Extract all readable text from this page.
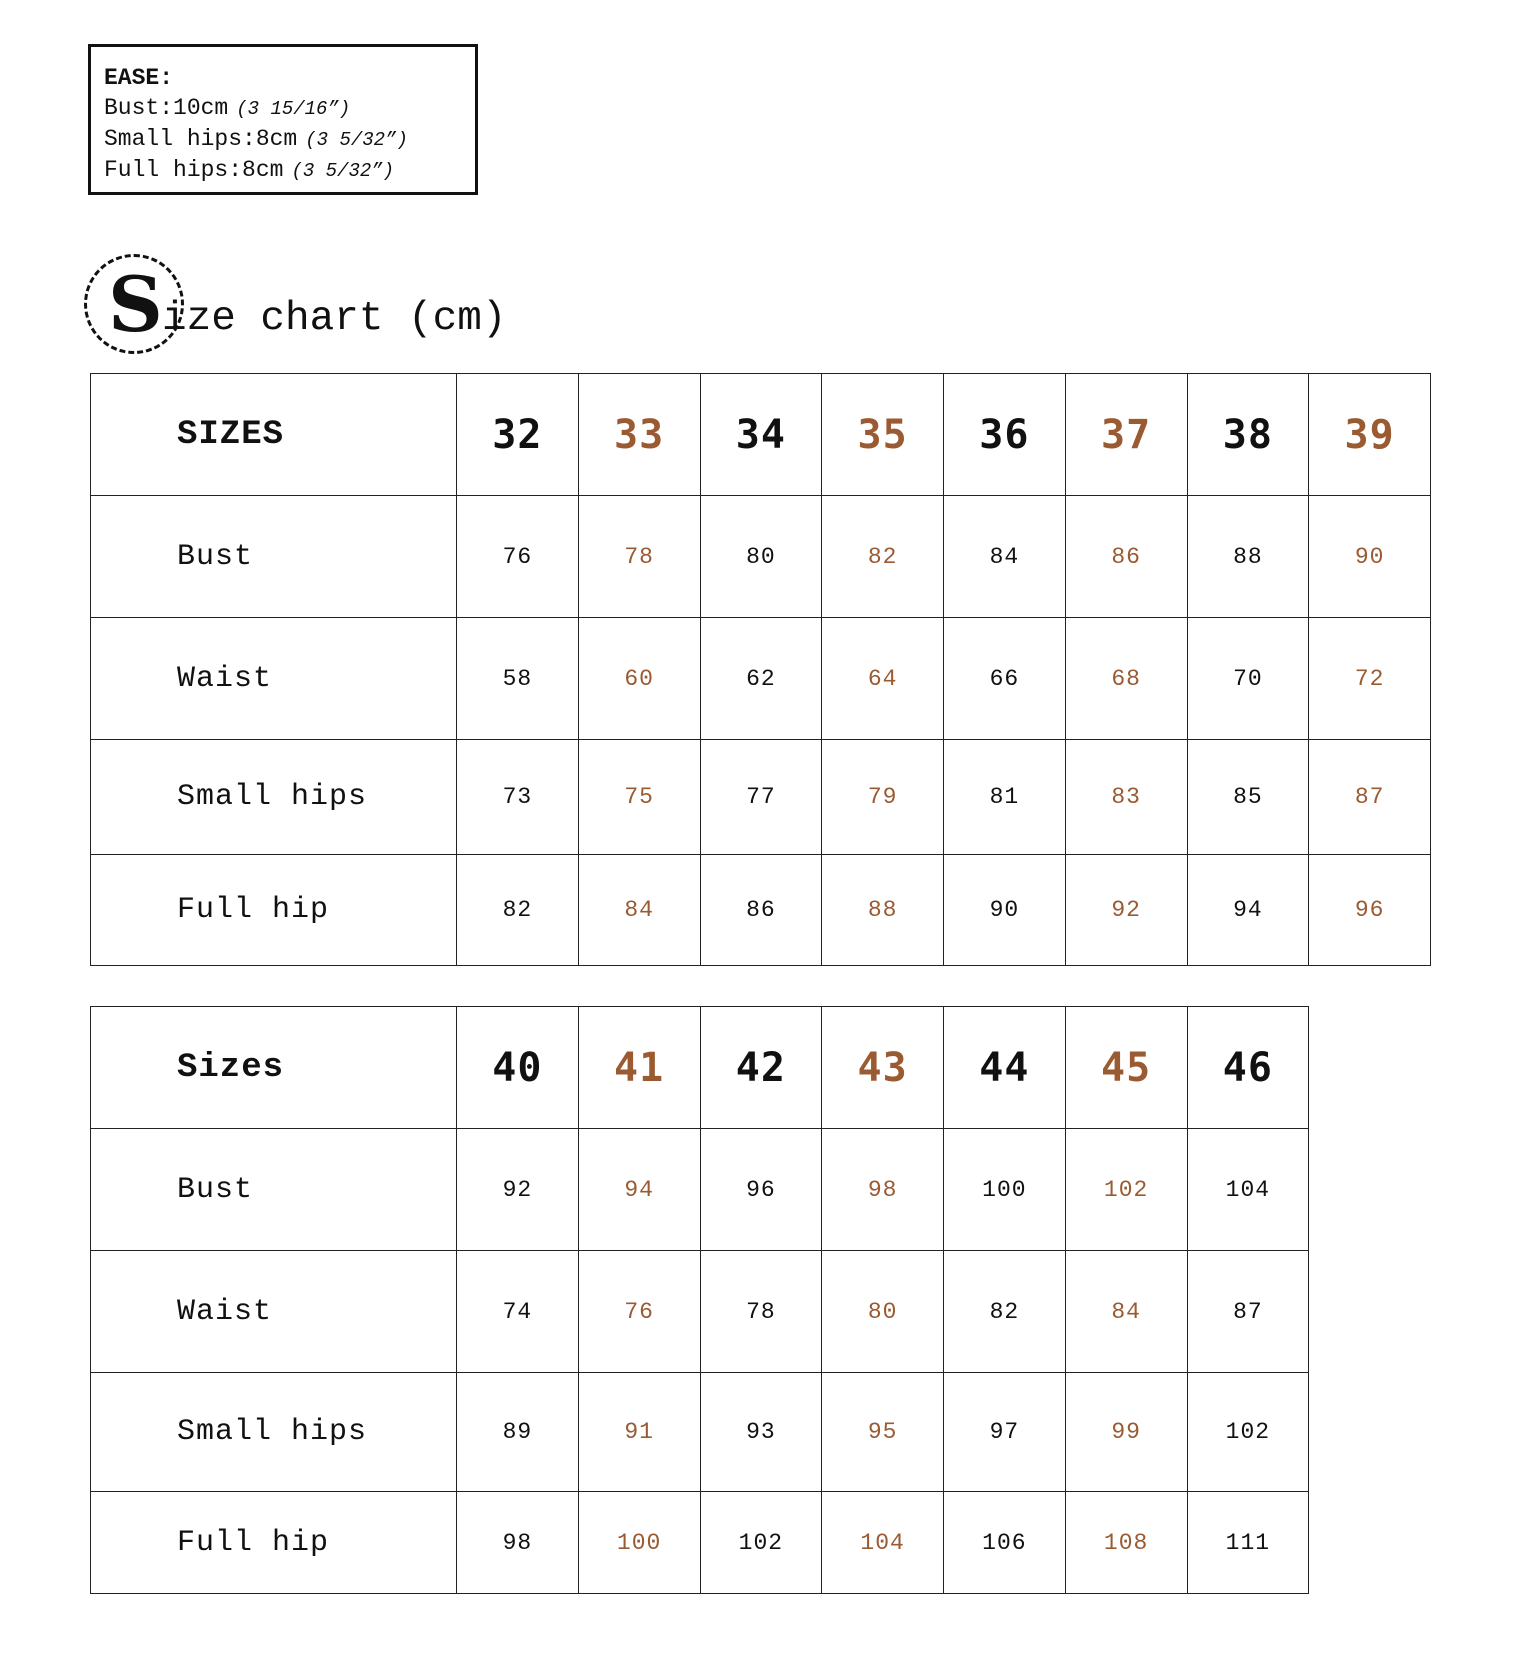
EASE:
Bust:10cm (3 15/16”)
Small hips:8cm (3 5/32”)
Full hips:8cm (3 5/32”)
S ize chart (cm)
SIZES	32	33	34	35	36	37	38	39
Bust	76	78	80	82	84	86	88	90
Waist	58	60	62	64	66	68	70	72
Small hips	73	75	77	79	81	83	85	87
Full hip	82	84	86	88	90	92	94	96
Sizes	40	41	42	43	44	45	46
Bust	92	94	96	98	100	102	104
Waist	74	76	78	80	82	84	87
Small hips	89	91	93	95	97	99	102
Full hip	98	100	102	104	106	108	111
